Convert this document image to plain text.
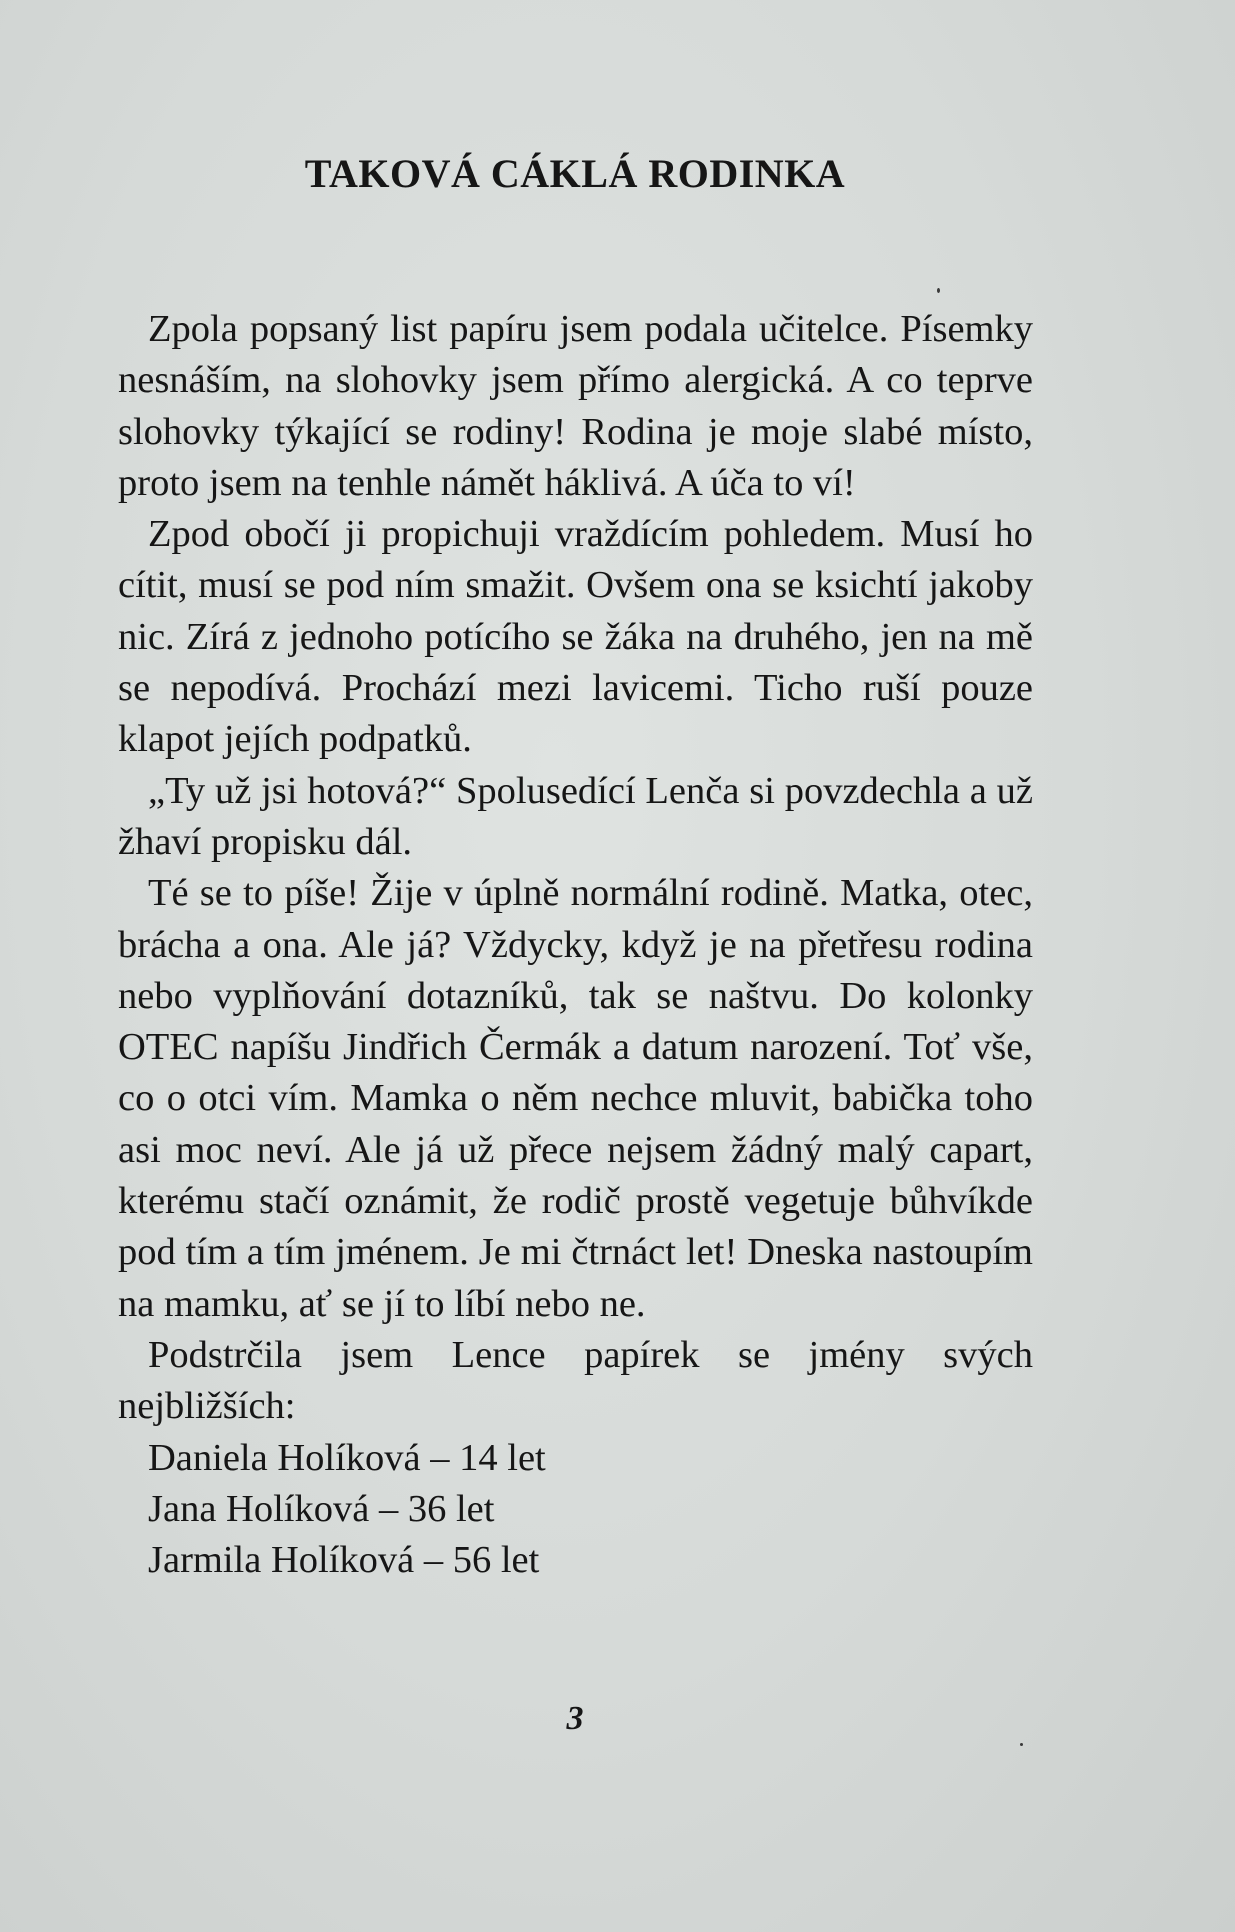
TAKOVÁ CÁKLÁ RODINKA

Zpola popsaný list papíru jsem podala učitelce. Písemky nesnáším, na slohovky jsem přímo alergická. A co teprve slohovky týkající se rodiny! Rodina je moje slabé místo, proto jsem na tenhle námět háklivá. A úča to ví!

Zpod obočí ji propichuji vraždícím pohledem. Musí ho cítit, musí se pod ním smažit. Ovšem ona se ksichtí jakoby nic. Zírá z jednoho potícího se žáka na druhého, jen na mě se nepodívá. Prochází mezi lavicemi. Ticho ruší pouze klapot jejích podpatků.

„Ty už jsi hotová?“ Spolusedící Lenča si povzdechla a už žhaví propisku dál.

Té se to píše! Žije v úplně normální rodině. Matka, otec, brácha a ona. Ale já? Vždycky, když je na přetřesu rodina nebo vyplňování dotazníků, tak se naštvu. Do kolonky OTEC napíšu Jindřich Čermák a datum narození. Toť vše, co o otci vím. Mamka o něm nechce mluvit, babička toho asi moc neví. Ale já už přece nejsem žádný malý capart, kterému stačí oznámit, že rodič prostě vegetuje bůhvíkde pod tím a tím jménem. Je mi čtrnáct let! Dneska nastoupím na mamku, ať se jí to líbí nebo ne.

Podstrčila jsem Lence papírek se jmény svých nejbližších:

Daniela Holíková – 14 let
Jana Holíková – 36 let
Jarmila Holíková – 56 let
3
